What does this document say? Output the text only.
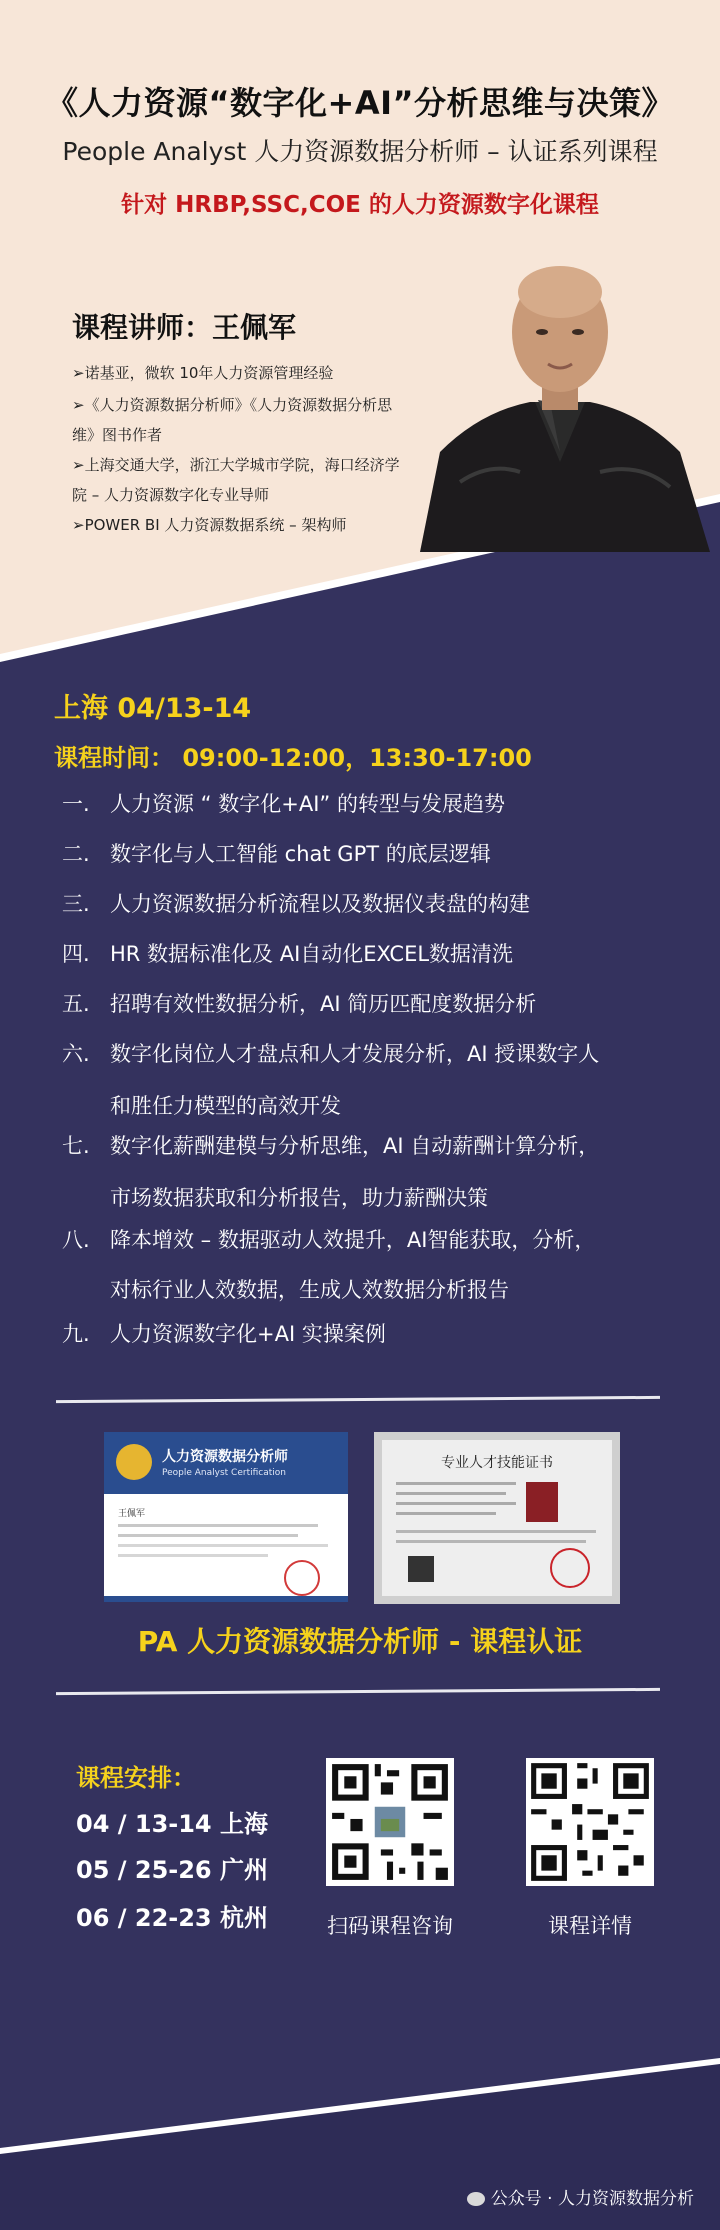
《人力资源“数字化+AI”分析思维与决策》
People Analyst 人力资源数据分析师 – 认证系列课程
针对 HRBP,SSC,COE 的人力资源数字化课程
课程讲师：王佩军
➢诺基亚，微软 10年人力资源管理经验
➢《人力资源数据分析师》《人力资源数据分析思维》图书作者
➢上海交通大学，浙江大学城市学院，海口经济学院 – 人力资源数字化专业导师
➢POWER BI 人力资源数据系统 – 架构师
上海 04/13-14
课程时间： 09:00-12:00，13:30-17:00
一. 人力资源 “ 数字化+AI” 的转型与发展趋势
二. 数字化与人工智能 chat GPT 的底层逻辑
三. 人力资源数据分析流程以及数据仪表盘的构建
四. HR 数据标准化及 AI自动化EXCEL数据清洗
五. 招聘有效性数据分析，AI 简历匹配度数据分析
六. 数字化岗位人才盘点和人才发展分析，AI 授课数字人
和胜任力模型的高效开发
七. 数字化薪酬建模与分析思维，AI 自动薪酬计算分析，
市场数据获取和分析报告，助力薪酬决策
八. 降本增效 – 数据驱动人效提升，AI智能获取，分析，
对标行业人效数据，生成人效数据分析报告
九. 人力资源数字化+AI 实操案例
人力资源数据分析师
People Analyst Certification
王佩军
专业人才技能证书
PA 人力资源数据分析师 - 课程认证
课程安排：
04 / 13-14 上海
05 / 25-26 广州
06 / 22-23 杭州	扫码课程咨询	课程详情
公众号 · 人力资源数据分析
